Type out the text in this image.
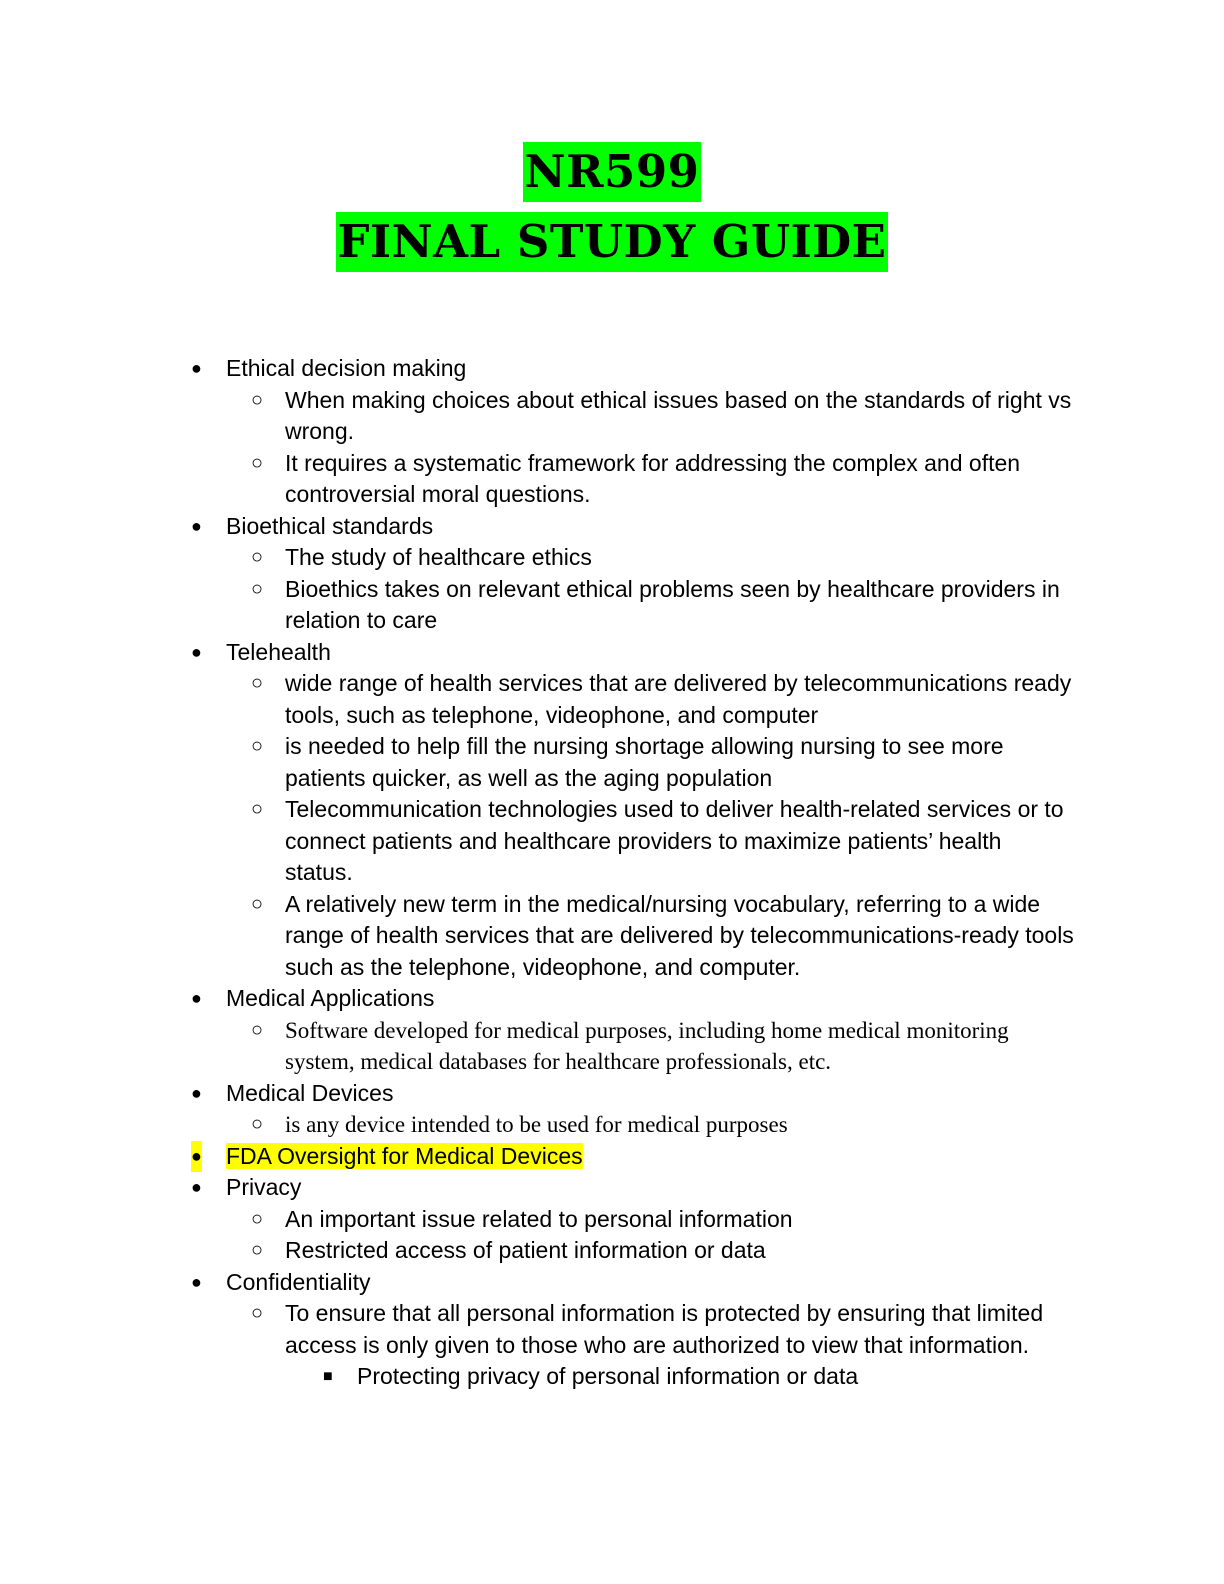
NR599
FINAL STUDY GUIDE
● Ethical decision making
○ When making choices about ethical issues based on the standards of right vs wrong.
○ It requires a systematic framework for addressing the complex and often controversial moral questions.
● Bioethical standards
○ The study of healthcare ethics
○ Bioethics takes on relevant ethical problems seen by healthcare providers in relation to care
● Telehealth
○ wide range of health services that are delivered by telecommunications ready tools, such as telephone, videophone, and computer
○ is needed to help fill the nursing shortage allowing nursing to see more patients quicker, as well as the aging population
○ Telecommunication technologies used to deliver health-related services or to connect patients and healthcare providers to maximize patients’ health status.
○ A relatively new term in the medical/nursing vocabulary, referring to a wide range of health services that are delivered by telecommunications-ready tools such as the telephone, videophone, and computer.
● Medical Applications
○ Software developed for medical purposes, including home medical monitoring system, medical databases for healthcare professionals, etc.
● Medical Devices
○ is any device intended to be used for medical purposes
● FDA Oversight for Medical Devices
● Privacy
○ An important issue related to personal information
○ Restricted access of patient information or data
● Confidentiality
○ To ensure that all personal information is protected by ensuring that limited access is only given to those who are authorized to view that information.
■ Protecting privacy of personal information or data
